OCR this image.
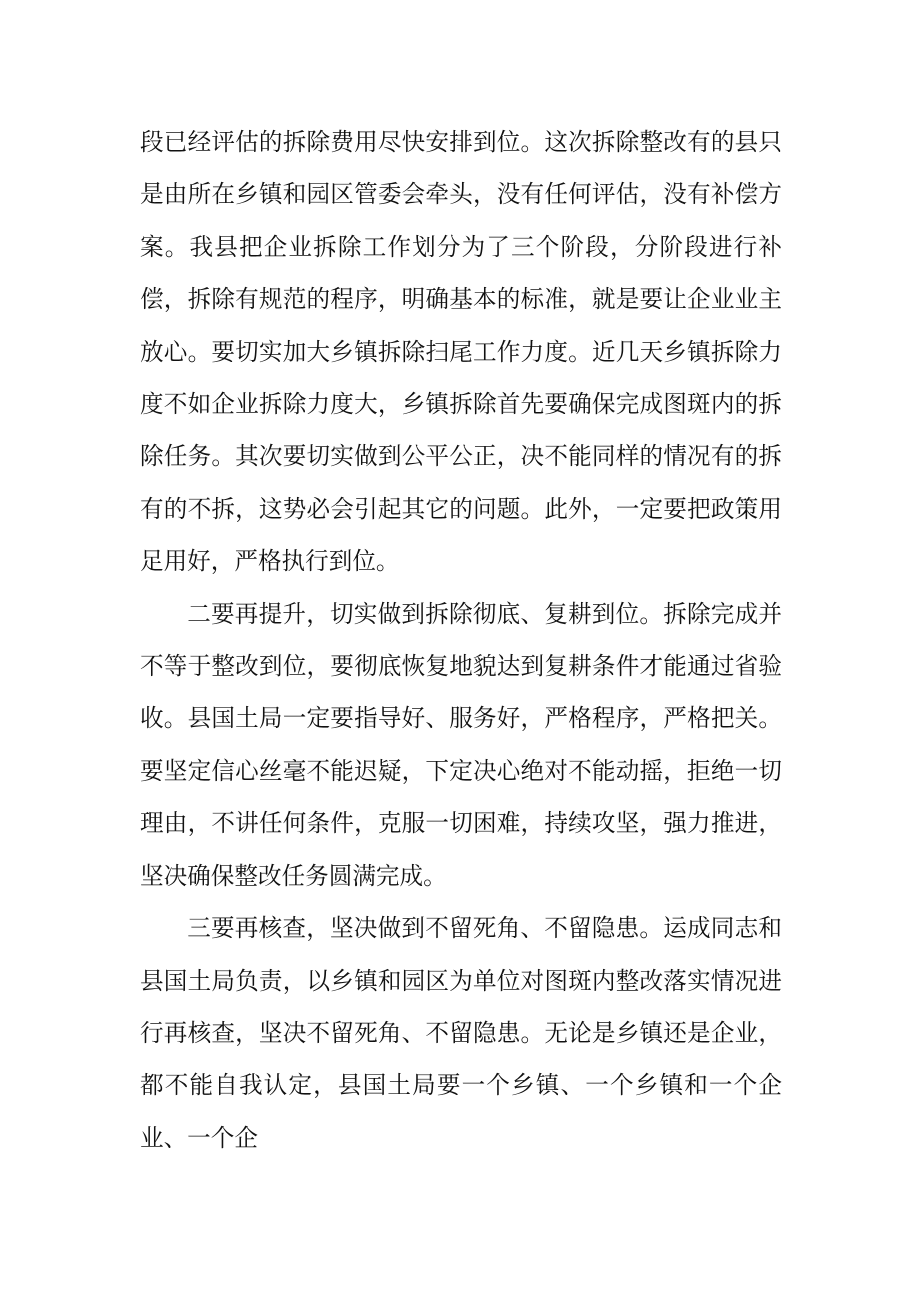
段已经评估的拆除费用尽快安排到位。这次拆除整改有的县只是由所在乡镇和园区管委会牵头，没有任何评估，没有补偿方案。我县把企业拆除工作划分为了三个阶段，分阶段进行补偿，拆除有规范的程序，明确基本的标准，就是要让企业业主放心。要切实加大乡镇拆除扫尾工作力度。近几天乡镇拆除力度不如企业拆除力度大，乡镇拆除首先要确保完成图斑内的拆除任务。其次要切实做到公平公正，决不能同样的情况有的拆有的不拆，这势必会引起其它的问题。此外，一定要把政策用足用好，严格执行到位。

二要再提升，切实做到拆除彻底、复耕到位。拆除完成并不等于整改到位，要彻底恢复地貌达到复耕条件才能通过省验收。县国土局一定要指导好、服务好，严格程序，严格把关。要坚定信心丝毫不能迟疑，下定决心绝对不能动摇，拒绝一切理由，不讲任何条件，克服一切困难，持续攻坚，强力推进，坚决确保整改任务圆满完成。

三要再核查，坚决做到不留死角、不留隐患。运成同志和县国土局负责，以乡镇和园区为单位对图斑内整改落实情况进行再核查，坚决不留死角、不留隐患。无论是乡镇还是企业，都不能自我认定，县国土局要一个乡镇、一个乡镇和一个企业、一个企
